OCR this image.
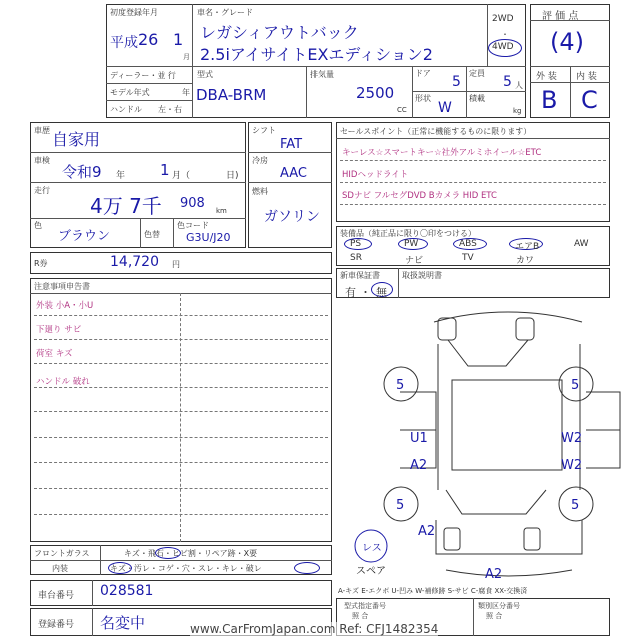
初度登録年月
平成 26 1
月
車名・グレード
レガシィアウトバック
2.5iアイサイトEXエディション2
2WD
・
4WD
ディーラー・並 行
モデル年式	年
ハンドル 左・右
型式
DBA-BRM
排気量
2500
CC
ドア
5
定員
5 人
形状
W
積載
kg
評 価 点
(4)
外 装 内 装
B C
車歴 自家用
車検
令和9 年 1 月（	日)
走行
4万 7千 908 km
色
ブラウン	色替
色コード
G3U/J20
シフト
FAT
冷房
AAC
燃料
ガソリン
R券	14,720 円
セールスポイント（正常に機能するものに限ります）
キーレス☆スマートキー☆社外アルミホイール☆ETC
HIDヘッドライト
SDナビ フルセグDVD Bカメラ HID ETC
装備品（純正品に限り〇印をつける）
PS	PW	ABS	エアB	AW
SR	ナビ	TV	カワ
新車保証書	取扱説明書
有 ・ 無
注意事項申告書
外装 小A・小U
下廻り サビ
荷室 キズ
ハンドル 破れ
フロントガラス	キズ・飛石・ヒビ割・リペア跡・X要
内装	キズ・汚レ・コゲ・穴・スレ・キレ・破レ
車台番号 028581
登録番号 名変中
A-キズ E-エクボ U-凹み W-補修跡 S-サビ C-腐食 XX-交換済
型式指定番号
照 合
類別区分番号
照 合
www.CarFromJapan.com Ref: CFJ1482354
5	5
U1	W2
A2	W2
5	5
A2
A2
レス
スペア
